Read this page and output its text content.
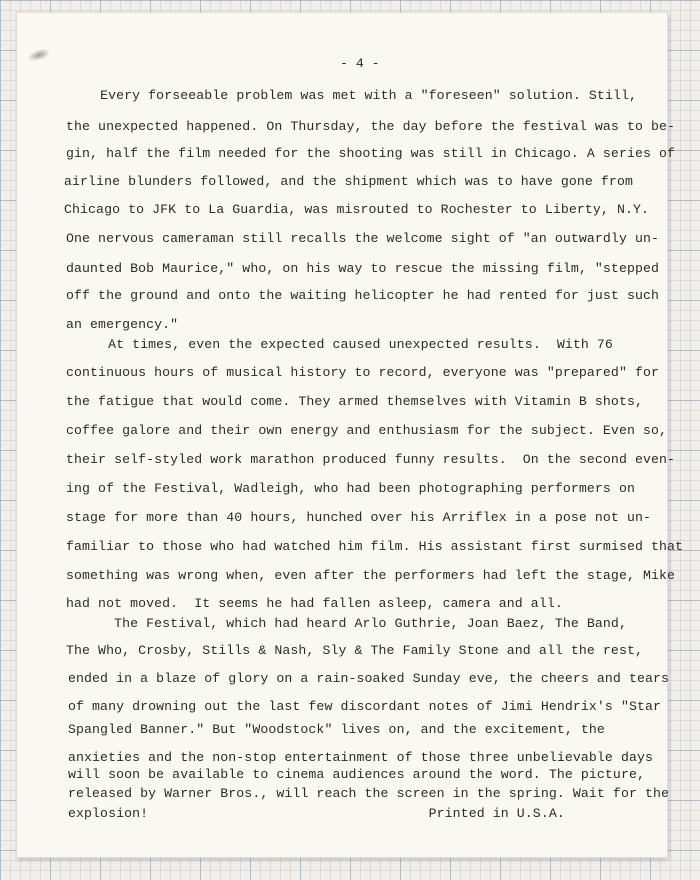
- 4 -
Every forseeable problem was met with a "foreseen" solution. Still,
the unexpected happened. On Thursday, the day before the festival was to be-
gin, half the film needed for the shooting was still in Chicago. A series of
airline blunders followed, and the shipment which was to have gone from
Chicago to JFK to La Guardia, was misrouted to Rochester to Liberty, N.Y.
One nervous cameraman still recalls the welcome sight of "an outwardly un-
daunted Bob Maurice," who, on his way to rescue the missing film, "stepped
off the ground and onto the waiting helicopter he had rented for just such
an emergency."
At times, even the expected caused unexpected results.  With 76
continuous hours of musical history to record, everyone was "prepared" for
the fatigue that would come. They armed themselves with Vitamin B shots,
coffee galore and their own energy and enthusiasm for the subject. Even so,
their self-styled work marathon produced funny results.  On the second even-
ing of the Festival, Wadleigh, who had been photographing performers on
stage for more than 40 hours, hunched over his Arriflex in a pose not un-
familiar to those who had watched him film. His assistant first surmised that
something was wrong when, even after the performers had left the stage, Mike
had not moved.  It seems he had fallen asleep, camera and all.
The Festival, which had heard Arlo Guthrie, Joan Baez, The Band,
The Who, Crosby, Stills & Nash, Sly & The Family Stone and all the rest,
ended in a blaze of glory on a rain-soaked Sunday eve, the cheers and tears
of many drowning out the last few discordant notes of Jimi Hendrix's "Star
Spangled Banner." But "Woodstock" lives on, and the excitement, the
anxieties and the non-stop entertainment of those three unbelievable days
will soon be available to cinema audiences around the word. The picture,
released by Warner Bros., will reach the screen in the spring. Wait for the
explosion!                                   Printed in U.S.A.
